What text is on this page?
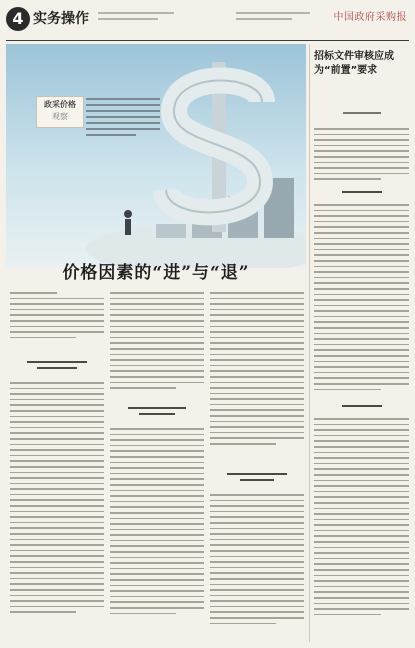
4 实务操作	中国政府采购报
政采价格
观察
价格因素的“进”与“退”
招标文件审核应成为“前置”要求
